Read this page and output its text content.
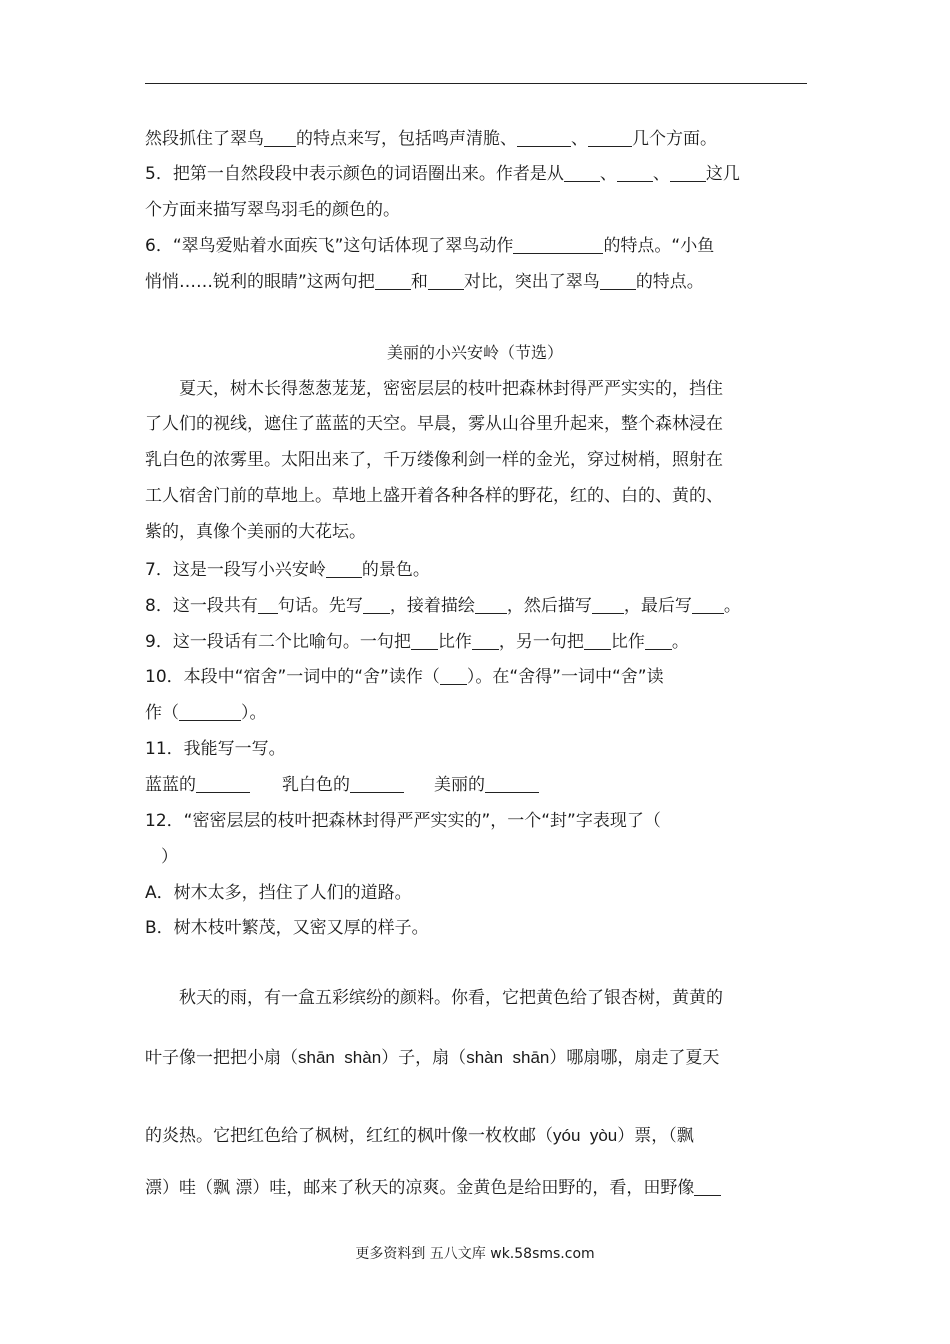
然段抓住了翠鸟 的特点来写，包括鸣声清脆、	、	几个方面。
5．把第一自然段段中表示颜色的词语圈出来。作者是从 、 、 这几
个方面来描写翠鸟羽毛的颜色的。
6．“翠鸟爱贴着水面疾飞”这句话体现了翠鸟动作	的特点。“小鱼
悄悄……锐利的眼睛”这两句把 和 对比，突出了翠鸟 的特点。
美丽的小兴安岭（节选）
夏天，树木长得葱葱茏茏，密密层层的枝叶把森林封得严严实实的，挡住
了人们的视线，遮住了蓝蓝的天空。早晨，雾从山谷里升起来，整个森林浸在
乳白色的浓雾里。太阳出来了，千万缕像利剑一样的金光，穿过树梢，照射在
工人宿舍门前的草地上。草地上盛开着各种各样的野花，红的、白的、黄的、
紫的，真像个美丽的大花坛。
7．这是一段写小兴安岭 的景色。
8．这一段共有 句话。先写 ，接着描绘 ，然后描写 ，最后写 。
9．这一段话有二个比喻句。一句把 比作 ，另一句把 比作 。
10．本段中“宿舍”一词中的“舍”读作（ ）。在“舍得”一词中“舍”读
作（	）。
11．我能写一写。
蓝蓝的	乳白色的	美丽的
12．“密密层层的枝叶把森林封得严严实实的”，一个“封”字表现了（
）
A．树木太多，挡住了人们的道路。
B．树木枝叶繁茂，又密又厚的样子。
秋天的雨，有一盒五彩缤纷的颜料。你看，它把黄色给了银杏树，黄黄的
叶子像一把把小扇（shān  shàn）子，扇（shàn  shān）哪扇哪，扇走了夏天
的炎热。它把红色给了枫树，红红的枫叶像一枚枚邮（yóu  yòu）票，（飘
漂）哇（飘 漂）哇，邮来了秋天的凉爽。金黄色是给田野的，看，田野像
更多资料到 五八文库 wk.58sms.com
